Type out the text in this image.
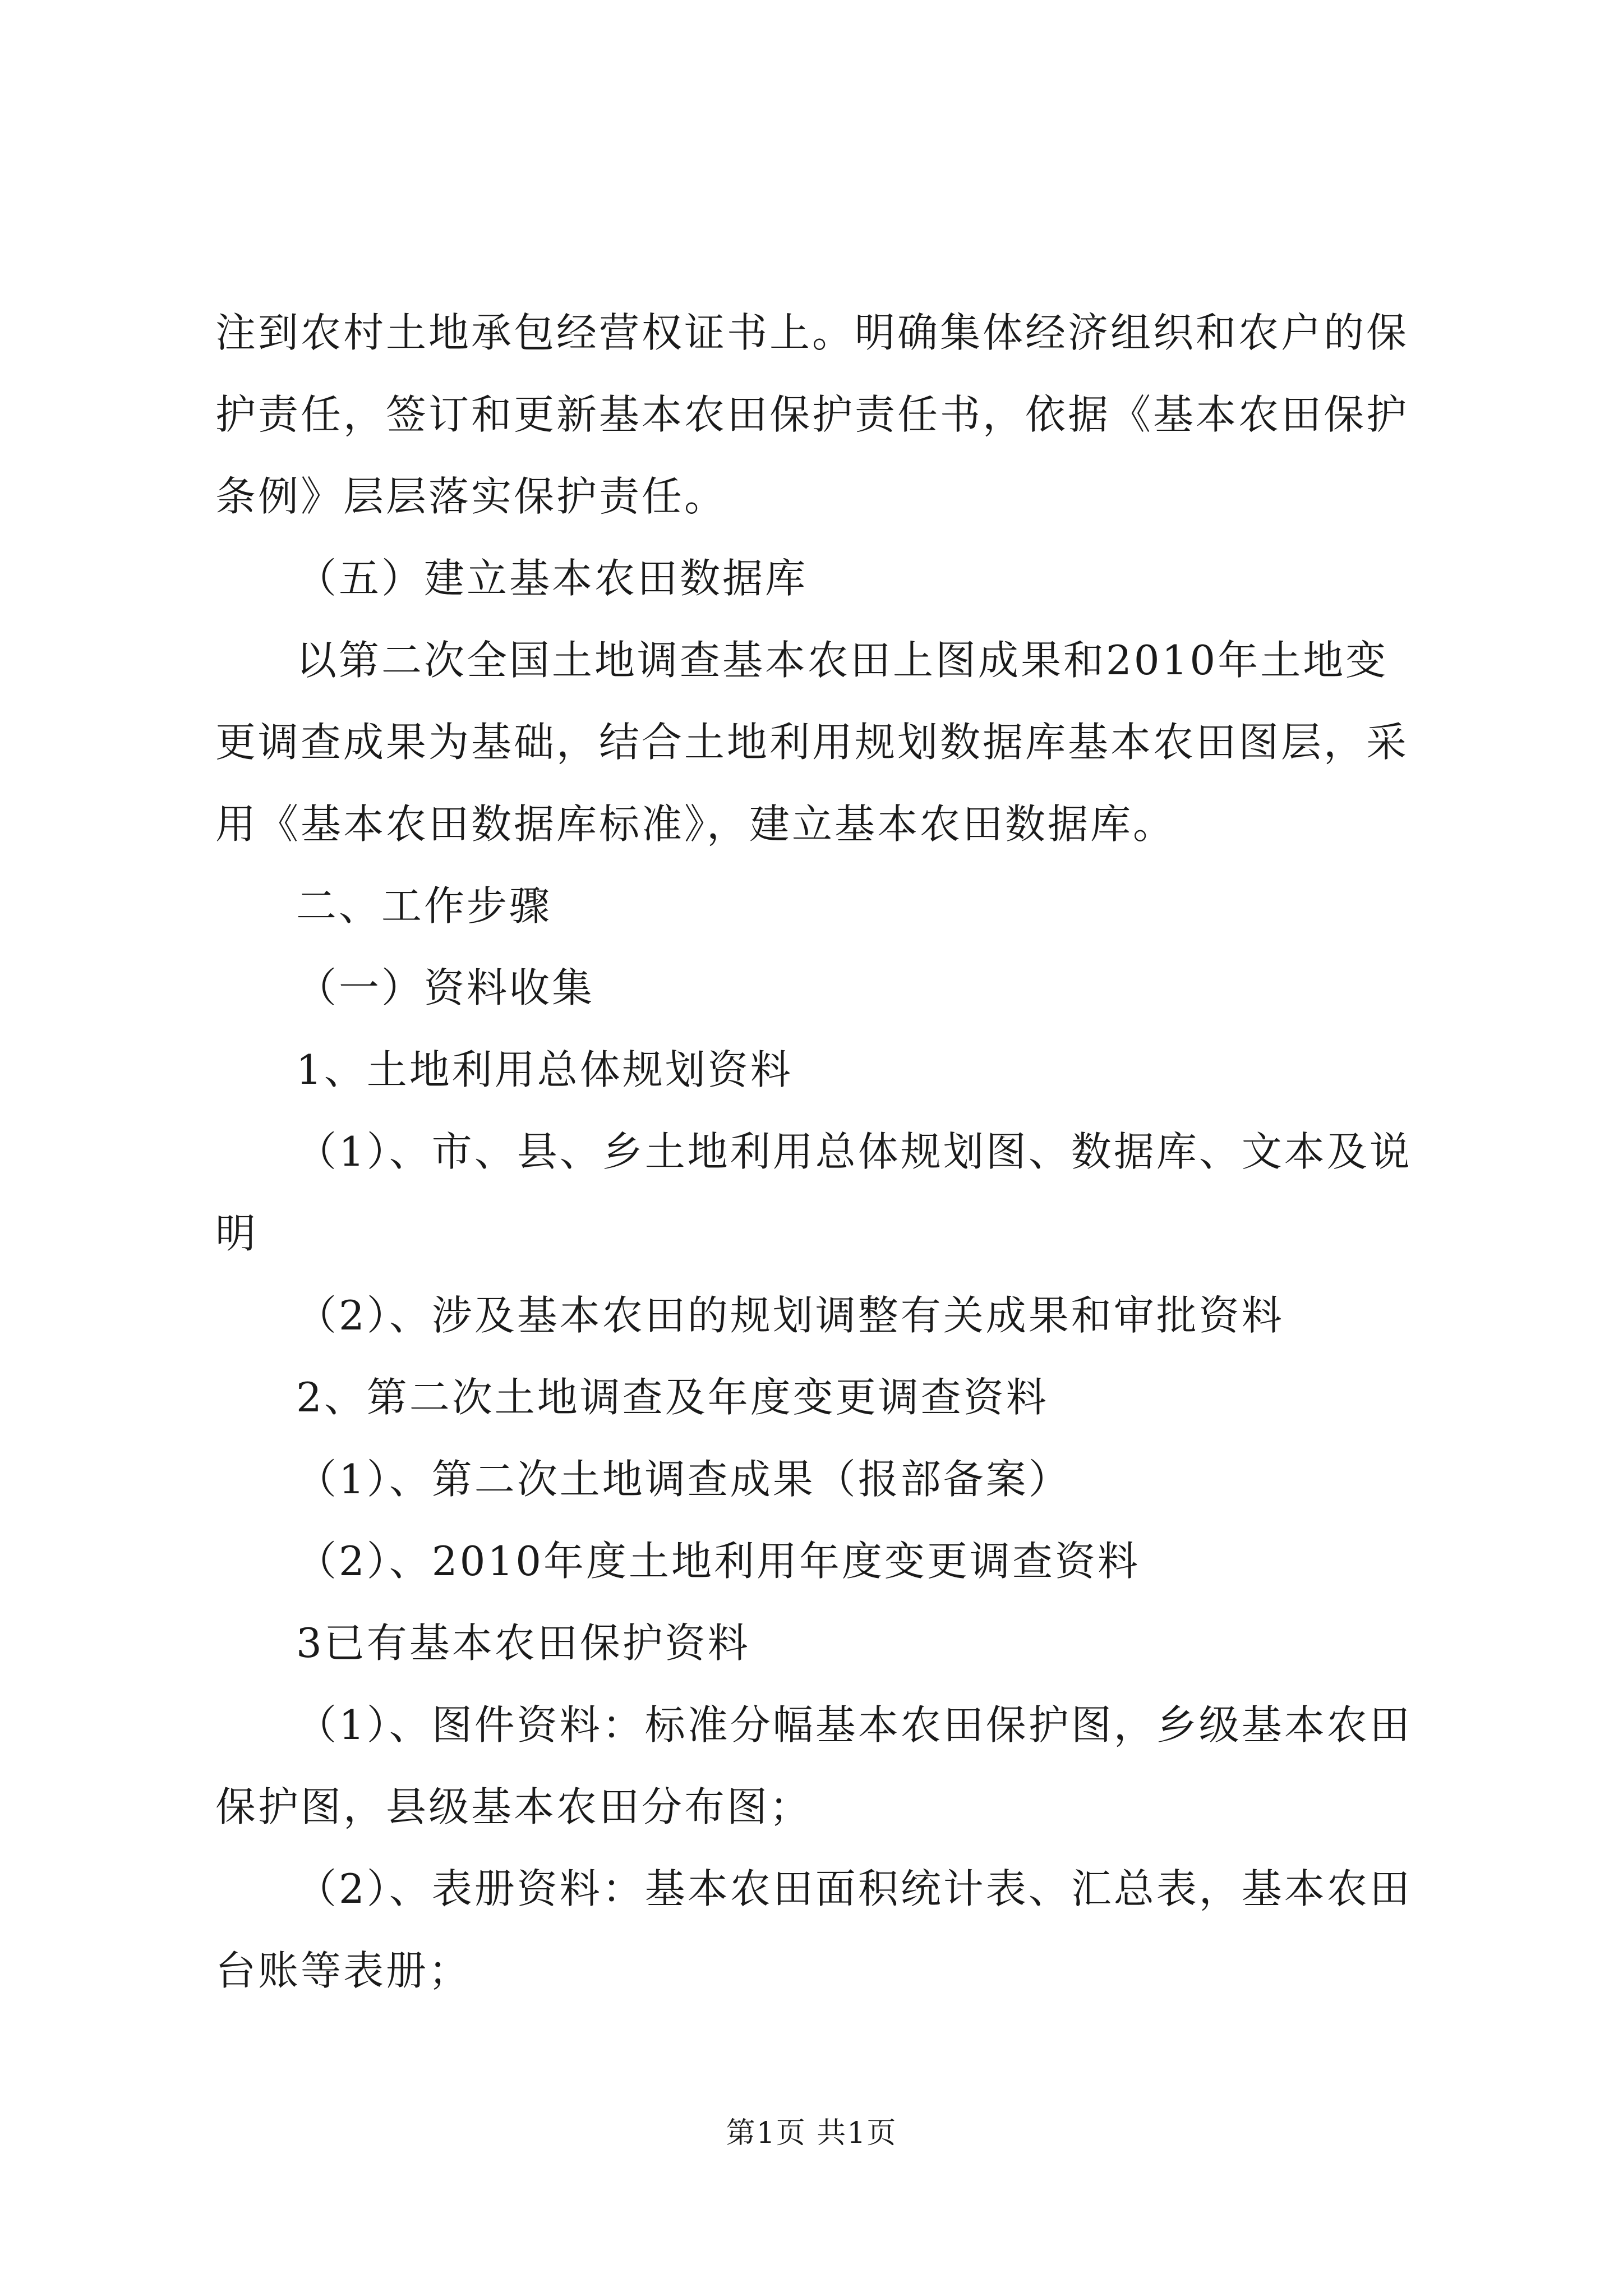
注到农村土地承包经营权证书上。明确集体经济组织和农户的保护责任，签订和更新基本农田保护责任书，依据《基本农田保护条例》层层落实保护责任。

（五）建立基本农田数据库

以第二次全国土地调查基本农田上图成果和2010年土地变更调查成果为基础，结合土地利用规划数据库基本农田图层，采用《基本农田数据库标准》，建立基本农田数据库。

二、工作步骤

（一）资料收集

1、土地利用总体规划资料

（1）、市、县、乡土地利用总体规划图、数据库、文本及说明

（2）、涉及基本农田的规划调整有关成果和审批资料

2、第二次土地调查及年度变更调查资料

（1）、第二次土地调查成果（报部备案）

（2）、2010年度土地利用年度变更调查资料

3已有基本农田保护资料

（1）、图件资料：标准分幅基本农田保护图，乡级基本农田保护图，县级基本农田分布图；

（2）、表册资料：基本农田面积统计表、汇总表，基本农田台账等表册；

第1页 共1页
